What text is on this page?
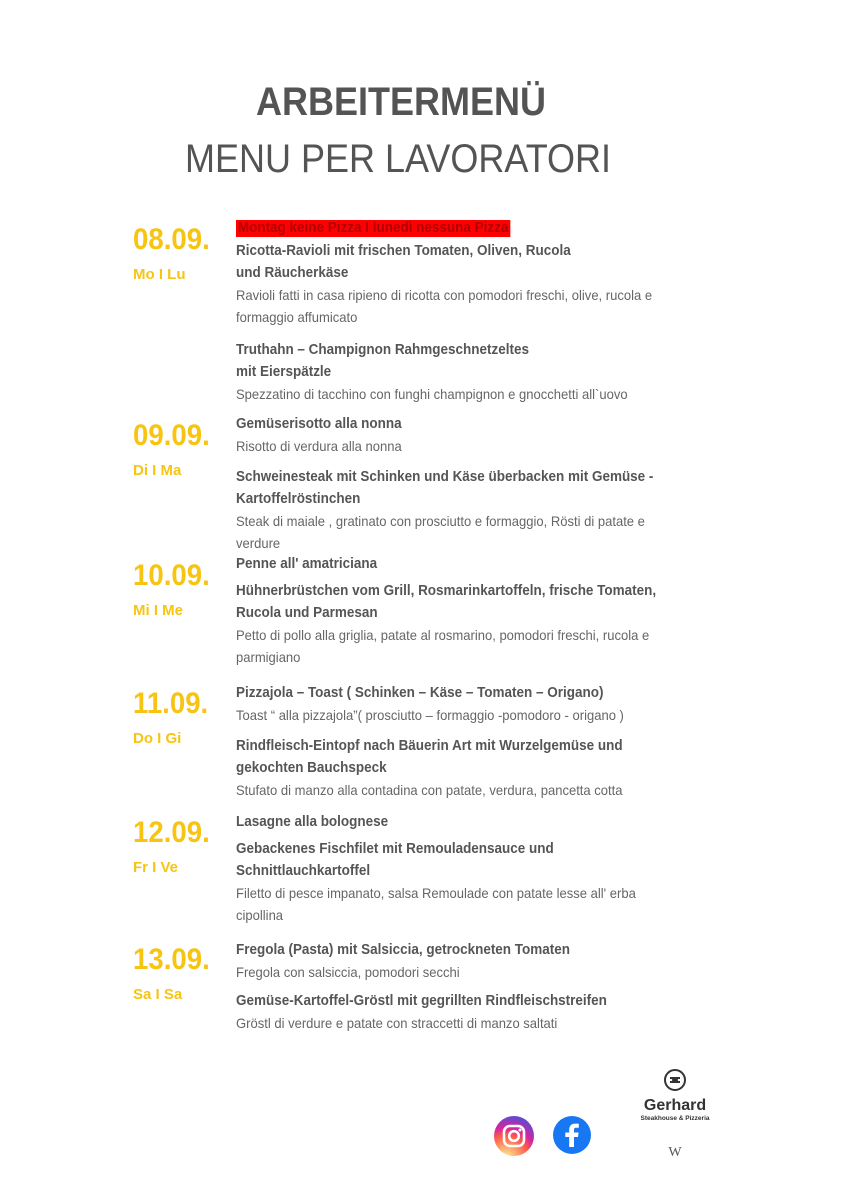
ARBEITERMENÜ
MENU PER LAVORATORI
Montag keine Pizza I lunedì nessuna Pizza
08.09.
Mo I Lu
Ricotta-Ravioli mit frischen Tomaten, Oliven, Rucola
und Räucherkäse
Ravioli fatti in casa ripieno di ricotta con pomodori freschi, olive, rucola e
formaggio affumicato
Truthahn – Champignon Rahmgeschnetzeltes
mit Eierspätzle
Spezzatino di tacchino con funghi champignon e gnocchetti all`uovo
09.09.
Di I Ma
Gemüserisotto alla nonna
Risotto di verdura alla nonna
Schweinesteak mit Schinken und Käse überbacken mit Gemüse -
Kartoffelröstinchen
Steak di maiale , gratinato con prosciutto e formaggio, Rösti di patate e
verdure
10.09.
Mi I Me
Penne all' amatriciana
Hühnerbrüstchen vom Grill, Rosmarinkartoffeln, frische Tomaten,
Rucola und Parmesan
Petto di pollo alla griglia, patate al rosmarino, pomodori freschi, rucola e
parmigiano
11.09.
Do I Gi
Pizzajola – Toast ( Schinken – Käse – Tomaten – Origano)
Toast “ alla pizzajola”( prosciutto – formaggio -pomodoro - origano )
Rindfleisch-Eintopf nach Bäuerin Art mit Wurzelgemüse und
gekochten Bauchspeck
Stufato di manzo alla contadina con patate, verdura, pancetta cotta
12.09.
Fr I Ve
Lasagne alla bolognese
Gebackenes Fischfilet mit Remouladensauce und
Schnittlauchkartoffel
Filetto di pesce impanato, salsa Remoulade con patate lesse all' erba
cipollina
13.09.
Sa I Sa
Fregola (Pasta) mit Salsiccia, getrockneten Tomaten
Fregola con salsiccia, pomodori secchi
Gemüse-Kartoffel-Gröstl mit gegrillten Rindfleischstreifen
Gröstl di verdure e patate con straccetti di manzo saltati
Gerhard
Steakhouse & Pizzeria
W
